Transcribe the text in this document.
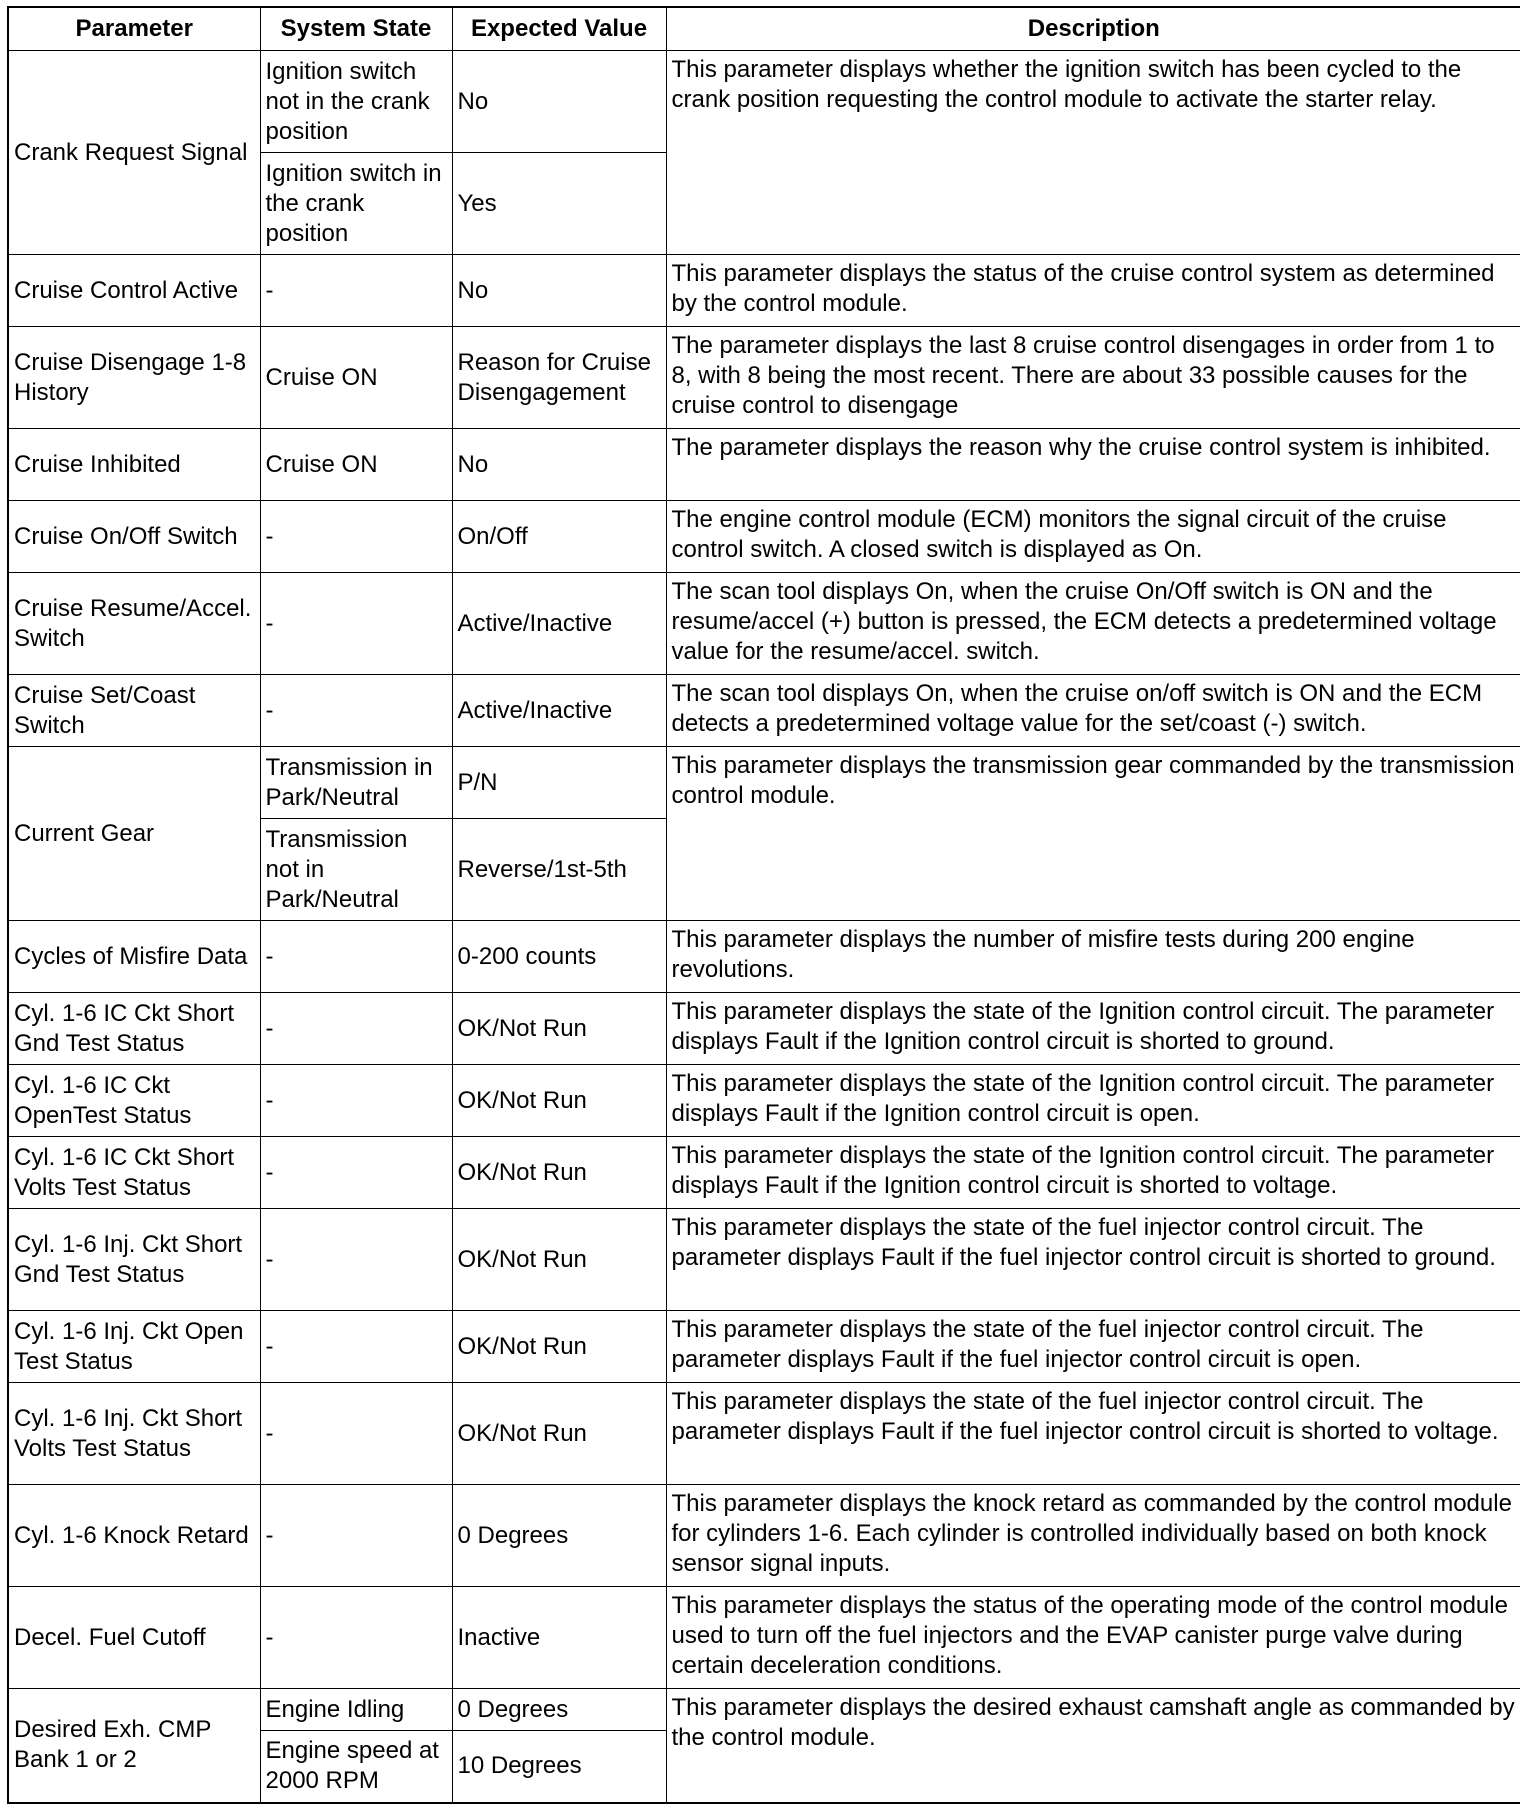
Parameter	System State	Expected Value	Description
Crank Request Signal	Ignition switch not in the crank position	No	This parameter displays whether the ignition switch has been cycled to the crank position requesting the control module to activate the starter relay.
	Ignition switch in the crank position	Yes	
Cruise Control Active	-	No	This parameter displays the status of the cruise control system as determined by the control module.
Cruise Disengage 1-8 History	Cruise ON	Reason for Cruise Disengagement	The parameter displays the last 8 cruise control disengages in order from 1 to 8, with 8 being the most recent. There are about 33 possible causes for the cruise control to disengage
Cruise Inhibited	Cruise ON	No	The parameter displays the reason why the cruise control system is inhibited.
Cruise On/Off Switch	-	On/Off	The engine control module (ECM) monitors the signal circuit of the cruise control switch. A closed switch is displayed as On.
Cruise Resume/Accel. Switch	-	Active/Inactive	The scan tool displays On, when the cruise On/Off switch is ON and the resume/accel (+) button is pressed, the ECM detects a predetermined voltage value for the resume/accel. switch.
Cruise Set/Coast Switch	-	Active/Inactive	The scan tool displays On, when the cruise on/off switch is ON and the ECM detects a predetermined voltage value for the set/coast (-) switch.
Current Gear	Transmission in Park/Neutral	P/N	This parameter displays the transmission gear commanded by the transmission control module.
	Transmission not in Park/Neutral	Reverse/1st-5th	
Cycles of Misfire Data	-	0-200 counts	This parameter displays the number of misfire tests during 200 engine revolutions.
Cyl. 1-6 IC Ckt Short Gnd Test Status	-	OK/Not Run	This parameter displays the state of the Ignition control circuit. The parameter displays Fault if the Ignition control circuit is shorted to ground.
Cyl. 1-6 IC Ckt OpenTest Status	-	OK/Not Run	This parameter displays the state of the Ignition control circuit. The parameter displays Fault if the Ignition control circuit is open.
Cyl. 1-6 IC Ckt Short Volts Test Status	-	OK/Not Run	This parameter displays the state of the Ignition control circuit. The parameter displays Fault if the Ignition control circuit is shorted to voltage.
Cyl. 1-6 Inj. Ckt Short Gnd Test Status	-	OK/Not Run	This parameter displays the state of the fuel injector control circuit. The parameter displays Fault if the fuel injector control circuit is shorted to ground.
Cyl. 1-6 Inj. Ckt Open Test Status	-	OK/Not Run	This parameter displays the state of the fuel injector control circuit. The parameter displays Fault if the fuel injector control circuit is open.
Cyl. 1-6 Inj. Ckt Short Volts Test Status	-	OK/Not Run	This parameter displays the state of the fuel injector control circuit. The parameter displays Fault if the fuel injector control circuit is shorted to voltage.
Cyl. 1-6 Knock Retard	-	0 Degrees	This parameter displays the knock retard as commanded by the control module for cylinders 1-6. Each cylinder is controlled individually based on both knock sensor signal inputs.
Decel. Fuel Cutoff	-	Inactive	This parameter displays the status of the operating mode of the control module used to turn off the fuel injectors and the EVAP canister purge valve during certain deceleration conditions.
Desired Exh. CMP Bank 1 or 2	Engine Idling	0 Degrees	This parameter displays the desired exhaust camshaft angle as commanded by the control module.
	Engine speed at 2000 RPM	10 Degrees	
